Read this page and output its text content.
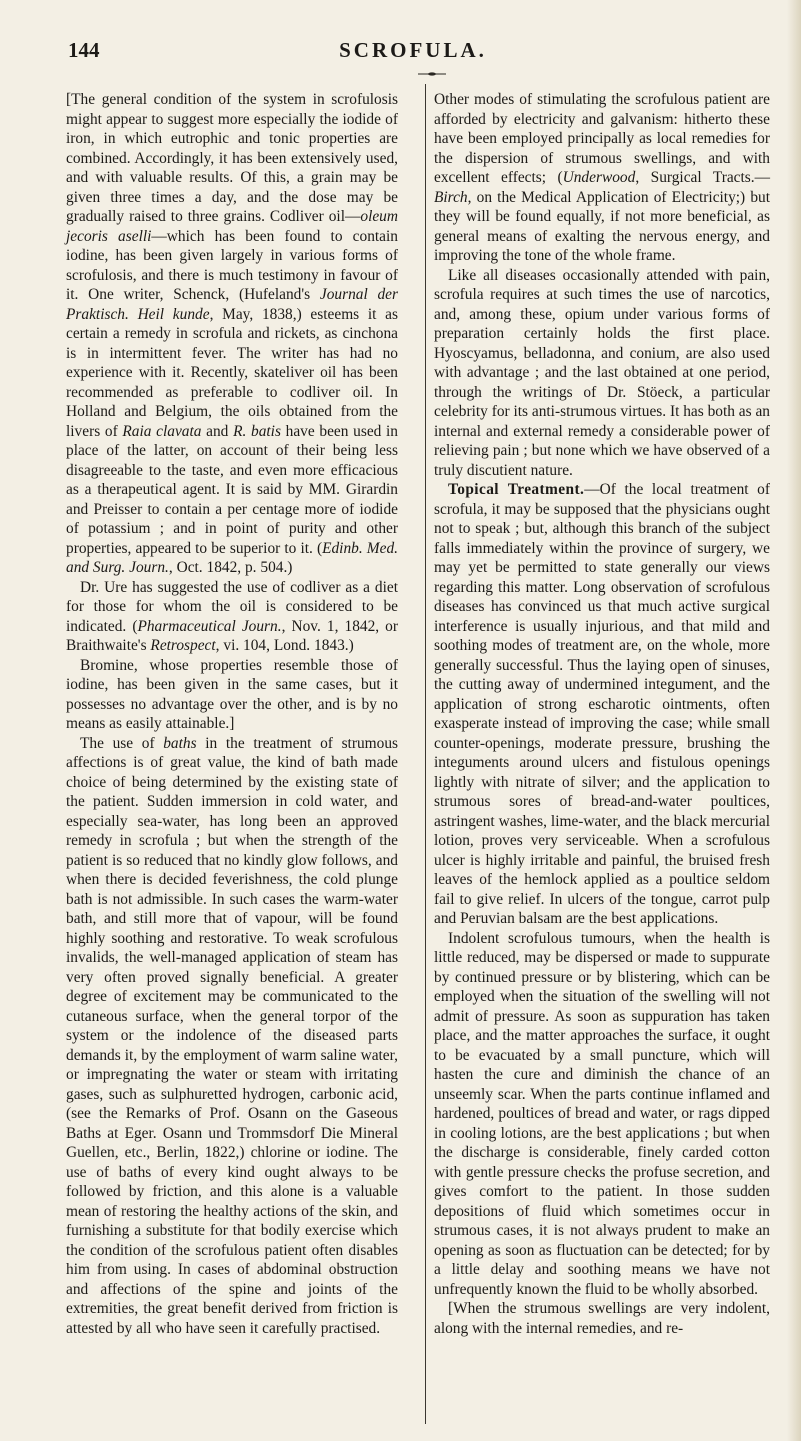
144	SCROFULA.

[The general condition of the system in scrofulosis might appear to suggest more especially the iodide of iron, in which eutrophic and tonic properties are combined. Accordingly, it has been extensively used, and with valuable results. Of this, a grain may be given three times a day, and the dose may be gradually raised to three grains. Codliver oil—oleum jecoris aselli—which has been found to contain iodine, has been given largely in various forms of scrofulosis, and there is much testimony in favour of it. One writer, Schenck, (Hufeland's Journal der Praktisch. Heil kunde, May, 1838,) esteems it as certain a remedy in scrofula and rickets, as cinchona is in intermittent fever. The writer has had no experience with it. Recently, skateliver oil has been recommended as preferable to codliver oil. In Holland and Belgium, the oils obtained from the livers of Raia clavata and R. batis have been used in place of the latter, on account of their being less disagreeable to the taste, and even more efficacious as a therapeutical agent. It is said by MM. Girardin and Preisser to contain a per centage more of iodide of potassium ; and in point of purity and other properties, appeared to be superior to it. (Edinb. Med. and Surg. Journ., Oct. 1842, p. 504.)

Dr. Ure has suggested the use of codliver as a diet for those for whom the oil is considered to be indicated. (Pharmaceutical Journ., Nov. 1, 1842, or Braithwaite's Retrospect, vi. 104, Lond. 1843.)

Bromine, whose properties resemble those of iodine, has been given in the same cases, but it possesses no advantage over the other, and is by no means as easily attainable.]

The use of baths in the treatment of strumous affections is of great value, the kind of bath made choice of being determined by the existing state of the patient. Sudden immersion in cold water, and especially sea-water, has long been an approved remedy in scrofula ; but when the strength of the patient is so reduced that no kindly glow follows, and when there is decided feverishness, the cold plunge bath is not admissible. In such cases the warm-water bath, and still more that of vapour, will be found highly soothing and restorative. To weak scrofulous invalids, the well-managed application of steam has very often proved signally beneficial. A greater degree of excitement may be communicated to the cutaneous surface, when the general torpor of the system or the indolence of the diseased parts demands it, by the employment of warm saline water, or impregnating the water or steam with irritating gases, such as sulphuretted hydrogen, carbonic acid, (see the Remarks of Prof. Osann on the Gaseous Baths at Eger. Osann und Trommsdorf Die Mineral Guellen, etc., Berlin, 1822,) chlorine or iodine. The use of baths of every kind ought always to be followed by friction, and this alone is a valuable mean of restoring the healthy actions of the skin, and furnishing a substitute for that bodily exercise which the condition of the scrofulous patient often disables him from using. In cases of abdominal obstruction and affections of the spine and joints of the extremities, the great benefit derived from friction is attested by all who have seen it carefully practised.

Other modes of stimulating the scrofulous patient are afforded by electricity and galvanism: hitherto these have been employed principally as local remedies for the dispersion of strumous swellings, and with excellent effects; (Underwood, Surgical Tracts.—Birch, on the Medical Application of Electricity;) but they will be found equally, if not more beneficial, as general means of exalting the nervous energy, and improving the tone of the whole frame.

Like all diseases occasionally attended with pain, scrofula requires at such times the use of narcotics, and, among these, opium under various forms of preparation certainly holds the first place. Hyoscyamus, belladonna, and conium, are also used with advantage ; and the last obtained at one period, through the writings of Dr. Stöeck, a particular celebrity for its anti-strumous virtues. It has both as an internal and external remedy a considerable power of relieving pain ; but none which we have observed of a truly discutient nature.

Topical Treatment.—Of the local treatment of scrofula, it may be supposed that the physicians ought not to speak ; but, although this branch of the subject falls immediately within the province of surgery, we may yet be permitted to state generally our views regarding this matter. Long observation of scrofulous diseases has convinced us that much active surgical interference is usually injurious, and that mild and soothing modes of treatment are, on the whole, more generally successful. Thus the laying open of sinuses, the cutting away of undermined integument, and the application of strong escharotic ointments, often exasperate instead of improving the case; while small counter-openings, moderate pressure, brushing the integuments around ulcers and fistulous openings lightly with nitrate of silver; and the application to strumous sores of bread-and-water poultices, astringent washes, lime-water, and the black mercurial lotion, proves very serviceable. When a scrofulous ulcer is highly irritable and painful, the bruised fresh leaves of the hemlock applied as a poultice seldom fail to give relief. In ulcers of the tongue, carrot pulp and Peruvian balsam are the best applications.

Indolent scrofulous tumours, when the health is little reduced, may be dispersed or made to suppurate by continued pressure or by blistering, which can be employed when the situation of the swelling will not admit of pressure. As soon as suppuration has taken place, and the matter approaches the surface, it ought to be evacuated by a small puncture, which will hasten the cure and diminish the chance of an unseemly scar. When the parts continue inflamed and hardened, poultices of bread and water, or rags dipped in cooling lotions, are the best applications ; but when the discharge is considerable, finely carded cotton with gentle pressure checks the profuse secretion, and gives comfort to the patient. In those sudden depositions of fluid which sometimes occur in strumous cases, it is not always prudent to make an opening as soon as fluctuation can be detected; for by a little delay and soothing means we have not unfrequently known the fluid to be wholly absorbed.

[When the strumous swellings are very indolent, along with the internal remedies, and re-
